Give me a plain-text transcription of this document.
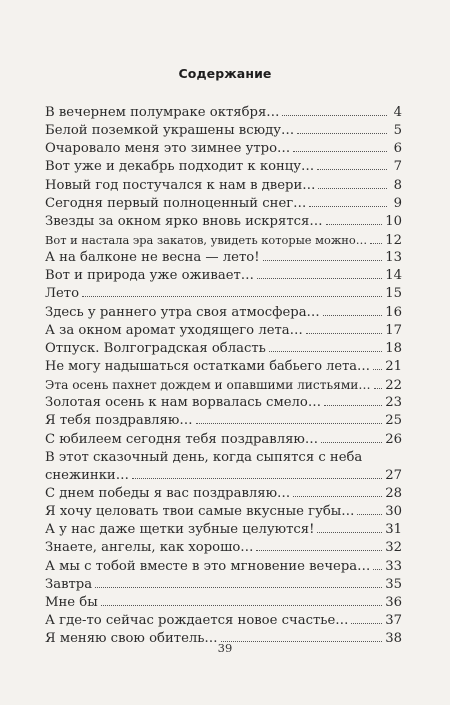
Содержание
В вечернем полумраке октября…	4
Белой поземкой украшены всюду…	5
Очаровало меня это зимнее утро…	6
Вот уже и декабрь подходит к концу…	7
Новый год постучался к нам в двери…	8
Сегодня первый полноценный снег…	9
Звезды за окном ярко вновь искрятся…	10
Вот и настала эра закатов, увидеть которые можно… 12
А на балконе не весна — лето!	13
Вот и природа уже оживает…	14
Лето	15
Здесь у раннего утра своя атмосфера…	16
А за окном аромат уходящего лета…	17
Отпуск. Волгоградская область	18
Не могу надышаться остатками бабьего лета… 21
Эта осень пахнет дождем и опавшими листьями… 22
Золотая осень к нам ворвалась смело…	23
Я тебя поздравляю…	25
С юбилеем сегодня тебя поздравляю…	26
В этот сказочный день, когда сыпятся с неба
снежинки…	27
С днем победы я вас поздравляю…	28
Я хочу целовать твои самые вкусные губы… 30
А у нас даже щетки зубные целуются!	31
Знаете, ангелы, как хорошо…	32
А мы с тобой вместе в это мгновение вечера… 33
Завтра	35
Мне бы	36
А где-то сейчас рождается новое счастье…	37
Я меняю свою обитель…	38
39
